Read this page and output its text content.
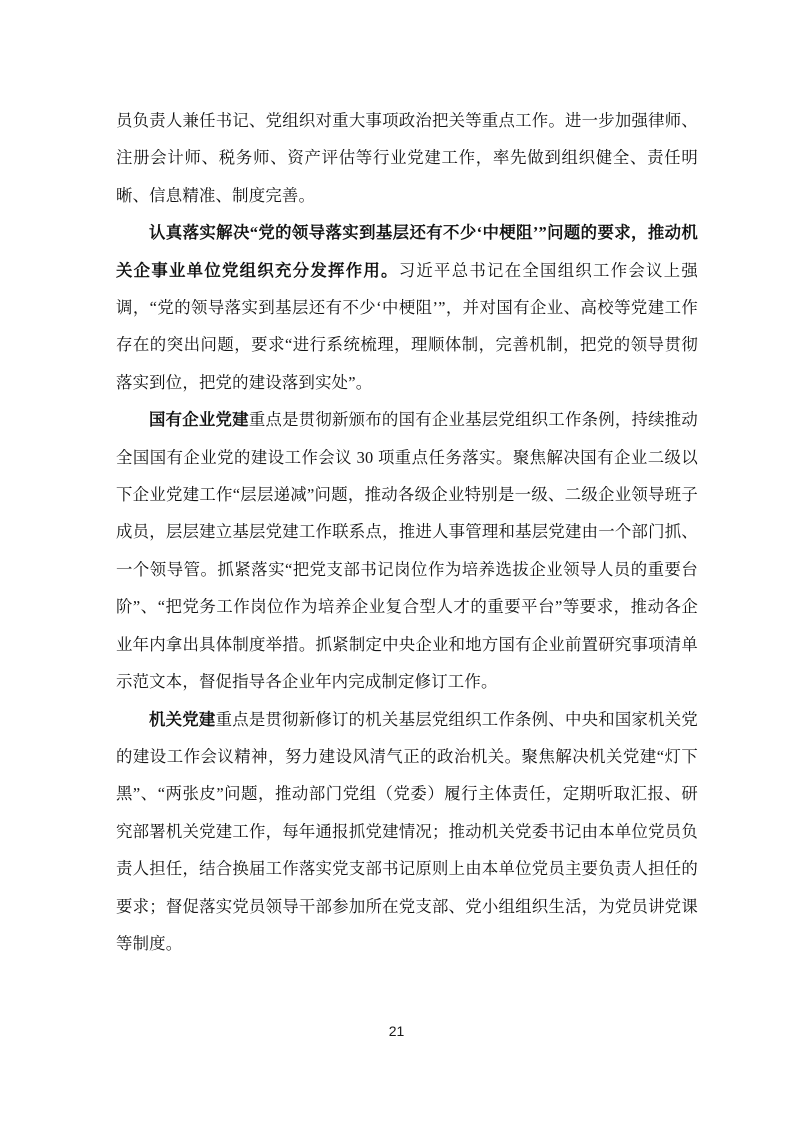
员负责人兼任书记、党组织对重大事项政治把关等重点工作。进一步加强律师、注册会计师、税务师、资产评估等行业党建工作，率先做到组织健全、责任明晰、信息精准、制度完善。

认真落实解决“党的领导落实到基层还有不少‘中梗阻’”问题的要求，推动机关企事业单位党组织充分发挥作用。习近平总书记在全国组织工作会议上强调，“党的领导落实到基层还有不少‘中梗阻’”，并对国有企业、高校等党建工作存在的突出问题，要求“进行系统梳理，理顺体制，完善机制，把党的领导贯彻落实到位，把党的建设落到实处”。

国有企业党建重点是贯彻新颁布的国有企业基层党组织工作条例，持续推动全国国有企业党的建设工作会议 30 项重点任务落实。聚焦解决国有企业二级以下企业党建工作“层层递减”问题，推动各级企业特别是一级、二级企业领导班子成员，层层建立基层党建工作联系点，推进人事管理和基层党建由一个部门抓、一个领导管。抓紧落实“把党支部书记岗位作为培养选拔企业领导人员的重要台阶”、“把党务工作岗位作为培养企业复合型人才的重要平台”等要求，推动各企业年内拿出具体制度举措。抓紧制定中央企业和地方国有企业前置研究事项清单示范文本，督促指导各企业年内完成制定修订工作。

机关党建重点是贯彻新修订的机关基层党组织工作条例、中央和国家机关党的建设工作会议精神，努力建设风清气正的政治机关。聚焦解决机关党建“灯下黑”、“两张皮”问题，推动部门党组（党委）履行主体责任，定期听取汇报、研究部署机关党建工作，每年通报抓党建情况；推动机关党委书记由本单位党员负责人担任，结合换届工作落实党支部书记原则上由本单位党员主要负责人担任的要求；督促落实党员领导干部参加所在党支部、党小组组织生活，为党员讲党课等制度。

21
